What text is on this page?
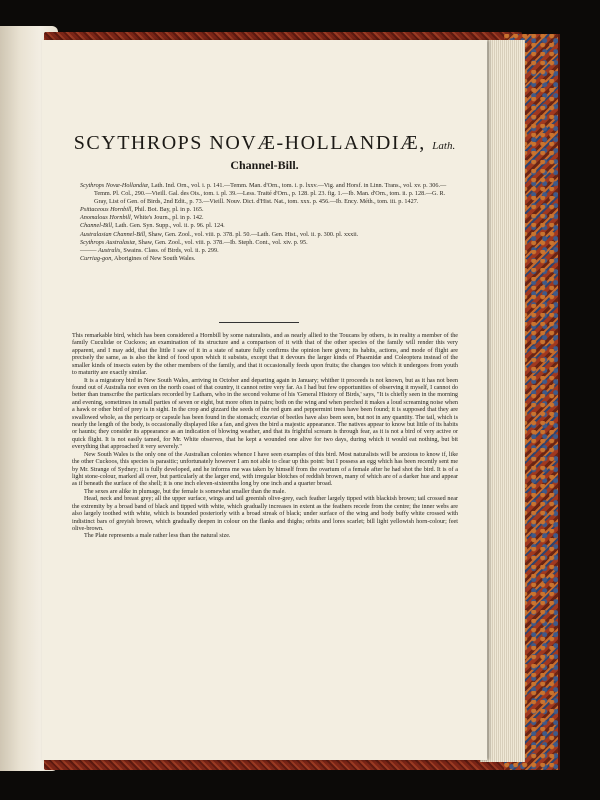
SCYTHROPS NOVÆ-HOLLANDIÆ, Lath.
Channel-Bill.

Scythrops Novæ-Hollandiæ, Lath. Ind. Orn., vol. i. p. 141.—Temm. Man. d'Orn., tom. i. p. lxxv.—Vig. and Horsf. in Linn. Trans., vol. xv. p. 306.—Temm. Pl. Col., 290.—Vieill. Gal. des Ois., tom. i. pl. 39.—Less. Traité d'Orn., p. 128. pl. 23. fig. 1.—Ib. Man. d'Orn., tom. ii. p. 128.—G. R. Gray, List of Gen. of Birds, 2nd Edit., p. 73.—Vieill. Nouv. Dict. d'Hist. Nat., tom. xxx. p. 456.—Ib. Ency. Méth., tom. iii. p. 1427.

Psittaceous Hornbill, Phil. Bot. Bay, pl. in p. 165.

Anomalous Hornbill, White's Journ., pl. in p. 142.

Channel-Bill, Lath. Gen. Syn. Supp., vol. ii. p. 96. pl. 124.

Australasian Channel-Bill, Shaw, Gen. Zool., vol. viii. p. 378. pl. 50.—Lath. Gen. Hist., vol. ii. p. 300. pl. xxxii.

Scythrops Australasiæ, Shaw, Gen. Zool., vol. viii. p. 378.—Ib. Steph. Cont., vol. xiv. p. 95.

——— Australis, Swains. Class. of Birds, vol. ii. p. 299.

Curriag-gon, Aborigines of New South Wales.

This remarkable bird, which has been considered a Hornbill by some naturalists, and as nearly allied to the Toucans by others, is in reality a member of the family Cuculidæ or Cuckoos; an examination of its structure and a comparison of it with that of the other species of the family will render this very apparent, and I may add, that the little I saw of it in a state of nature fully confirms the opinion here given; its habits, actions, and mode of flight are precisely the same, as is also the kind of food upon which it subsists, except that it devours the larger kinds of Phasmidæ and Coleoptera instead of the smaller kinds of insects eaten by the other members of the family, and that it occasionally feeds upon fruits; the changes too which it undergoes from youth to maturity are exactly similar.

It is a migratory bird in New South Wales, arriving in October and departing again in January; whither it proceeds is not known, but as it has not been found out of Australia nor even on the north coast of that country, it cannot retire very far. As I had but few opportunities of observing it myself, I cannot do better than transcribe the particulars recorded by Latham, who in the second volume of his 'General History of Birds,' says, "It is chiefly seen in the morning and evening, sometimes in small parties of seven or eight, but more often in pairs; both on the wing and when perched it makes a loud screaming noise when a hawk or other bird of prey is in sight. In the crop and gizzard the seeds of the red gum and peppermint trees have been found; it is supposed that they are swallowed whole, as the pericarp or capsule has been found in the stomach; exuviæ of beetles have also been seen, but not in any quantity. The tail, which is nearly the length of the body, is occasionally displayed like a fan, and gives the bird a majestic appearance. The natives appear to know but little of its habits or haunts; they consider its appearance as an indication of blowing weather, and that its frightful scream is through fear, as it is not a bird of very active or quick flight. It is not easily tamed, for Mr. White observes, that he kept a wounded one alive for two days, during which it would eat nothing, but bit everything that approached it very severely."

New South Wales is the only one of the Australian colonies whence I have seen examples of this bird. Most naturalists will be anxious to know if, like the other Cuckoos, this species is parasitic; unfortunately however I am not able to clear up this point: but I possess an egg which has been recently sent me by Mr. Strange of Sydney; it is fully developed, and he informs me was taken by himself from the ovarium of a female after he had shot the bird. It is of a light stone-colour, marked all over, but particularly at the larger end, with irregular blotches of reddish brown, many of which are of a darker hue and appear as if beneath the surface of the shell; it is one inch eleven-sixteenths long by one inch and a quarter broad.

The sexes are alike in plumage, but the female is somewhat smaller than the male.

Head, neck and breast grey; all the upper surface, wings and tail greenish olive-grey, each feather largely tipped with blackish brown; tail crossed near the extremity by a broad band of black and tipped with white, which gradually increases in extent as the feathers recede from the centre; the inner webs are also largely toothed with white, which is bounded posteriorly with a broad streak of black; under surface of the wing and body buffy white crossed with indistinct bars of greyish brown, which gradually deepen in colour on the flanks and thighs; orbits and lores scarlet; bill light yellowish horn-colour; feet olive-brown.

The Plate represents a male rather less than the natural size.
